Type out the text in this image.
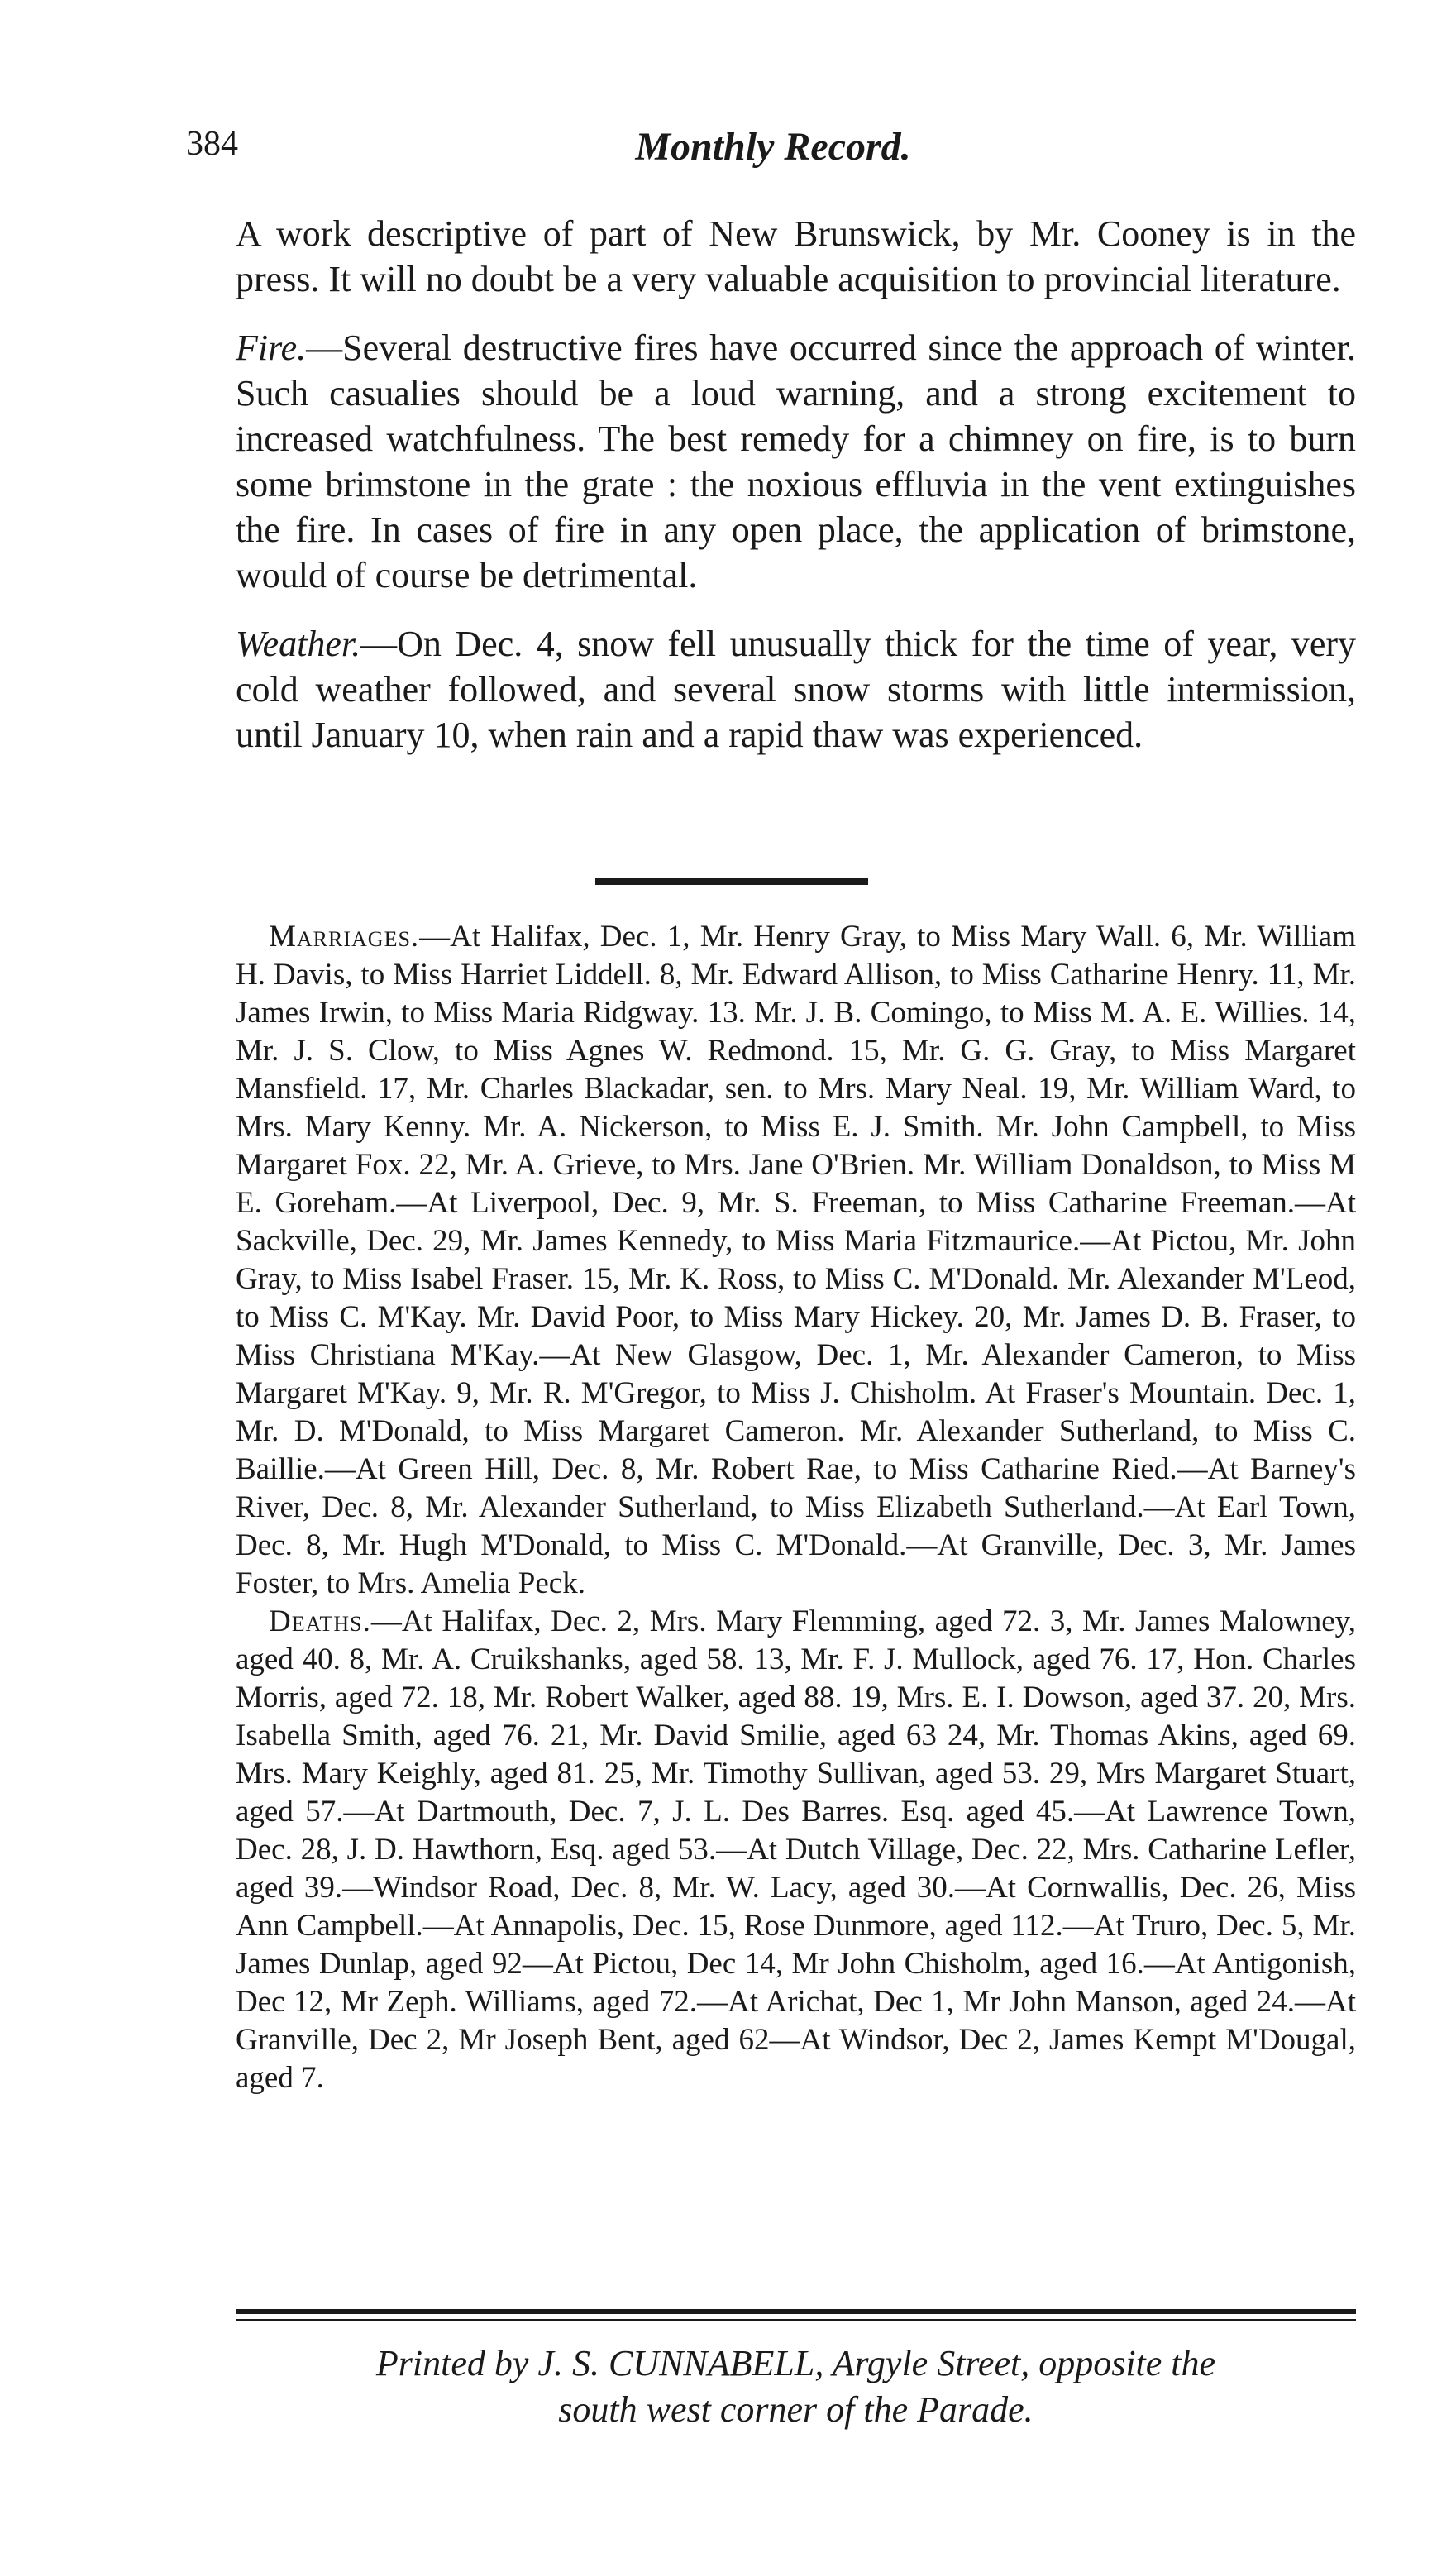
384	Monthly Record.

A work descriptive of part of New Brunswick, by Mr. Cooney is in the press. It will no doubt be a very valuable acquisition to provincial literature.

Fire.—Several destructive fires have occurred since the approach of winter. Such casualies should be a loud warning, and a strong excitement to increased watchfulness. The best remedy for a chimney on fire, is to burn some brimstone in the grate : the noxious effluvia in the vent extinguishes the fire. In cases of fire in any open place, the application of brimstone, would of course be detrimental.

Weather.—On Dec. 4, snow fell unusually thick for the time of year, very cold weather followed, and several snow storms with little intermission, until January 10, when rain and a rapid thaw was experienced.

Marriages.—At Halifax, Dec. 1, Mr. Henry Gray, to Miss Mary Wall. 6, Mr. William H. Davis, to Miss Harriet Liddell. 8, Mr. Edward Allison, to Miss Catharine Henry. 11, Mr. James Irwin, to Miss Maria Ridgway. 13. Mr. J. B. Comingo, to Miss M. A. E. Willies. 14, Mr. J. S. Clow, to Miss Agnes W. Redmond. 15, Mr. G. G. Gray, to Miss Margaret Mansfield. 17, Mr. Charles Blackadar, sen. to Mrs. Mary Neal. 19, Mr. William Ward, to Mrs. Mary Kenny. Mr. A. Nickerson, to Miss E. J. Smith. Mr. John Campbell, to Miss Margaret Fox. 22, Mr. A. Grieve, to Mrs. Jane O'Brien. Mr. William Donaldson, to Miss M E. Goreham.—At Liverpool, Dec. 9, Mr. S. Freeman, to Miss Catharine Freeman.—At Sackville, Dec. 29, Mr. James Kennedy, to Miss Maria Fitzmaurice.—At Pictou, Mr. John Gray, to Miss Isabel Fraser. 15, Mr. K. Ross, to Miss C. M'Donald. Mr. Alexander M'Leod, to Miss C. M'Kay. Mr. David Poor, to Miss Mary Hickey. 20, Mr. James D. B. Fraser, to Miss Christiana M'Kay.—At New Glasgow, Dec. 1, Mr. Alexander Cameron, to Miss Margaret M'Kay. 9, Mr. R. M'Gregor, to Miss J. Chisholm. At Fraser's Mountain. Dec. 1, Mr. D. M'Donald, to Miss Margaret Cameron. Mr. Alexander Sutherland, to Miss C. Baillie.—At Green Hill, Dec. 8, Mr. Robert Rae, to Miss Catharine Ried.—At Barney's River, Dec. 8, Mr. Alexander Sutherland, to Miss Elizabeth Sutherland.—At Earl Town, Dec. 8, Mr. Hugh M'Donald, to Miss C. M'Donald.—At Granville, Dec. 3, Mr. James Foster, to Mrs. Amelia Peck.

Deaths.—At Halifax, Dec. 2, Mrs. Mary Flemming, aged 72. 3, Mr. James Malowney, aged 40. 8, Mr. A. Cruikshanks, aged 58. 13, Mr. F. J. Mullock, aged 76. 17, Hon. Charles Morris, aged 72. 18, Mr. Robert Walker, aged 88. 19, Mrs. E. I. Dowson, aged 37. 20, Mrs. Isabella Smith, aged 76. 21, Mr. David Smilie, aged 63 24, Mr. Thomas Akins, aged 69. Mrs. Mary Keighly, aged 81. 25, Mr. Timothy Sullivan, aged 53. 29, Mrs Margaret Stuart, aged 57.—At Dartmouth, Dec. 7, J. L. Des Barres. Esq. aged 45.—At Lawrence Town, Dec. 28, J. D. Hawthorn, Esq. aged 53.—At Dutch Village, Dec. 22, Mrs. Catharine Lefler, aged 39.—Windsor Road, Dec. 8, Mr. W. Lacy, aged 30.—At Cornwallis, Dec. 26, Miss Ann Campbell.—At Annapolis, Dec. 15, Rose Dunmore, aged 112.—At Truro, Dec. 5, Mr. James Dunlap, aged 92—At Pictou, Dec 14, Mr John Chisholm, aged 16.—At Antigonish, Dec 12, Mr Zeph. Williams, aged 72.—At Arichat, Dec 1, Mr John Manson, aged 24.—At Granville, Dec 2, Mr Joseph Bent, aged 62—At Windsor, Dec 2, James Kempt M'Dougal, aged 7.

Printed by J. S. CUNNABELL, Argyle Street, opposite the
south west corner of the Parade.
